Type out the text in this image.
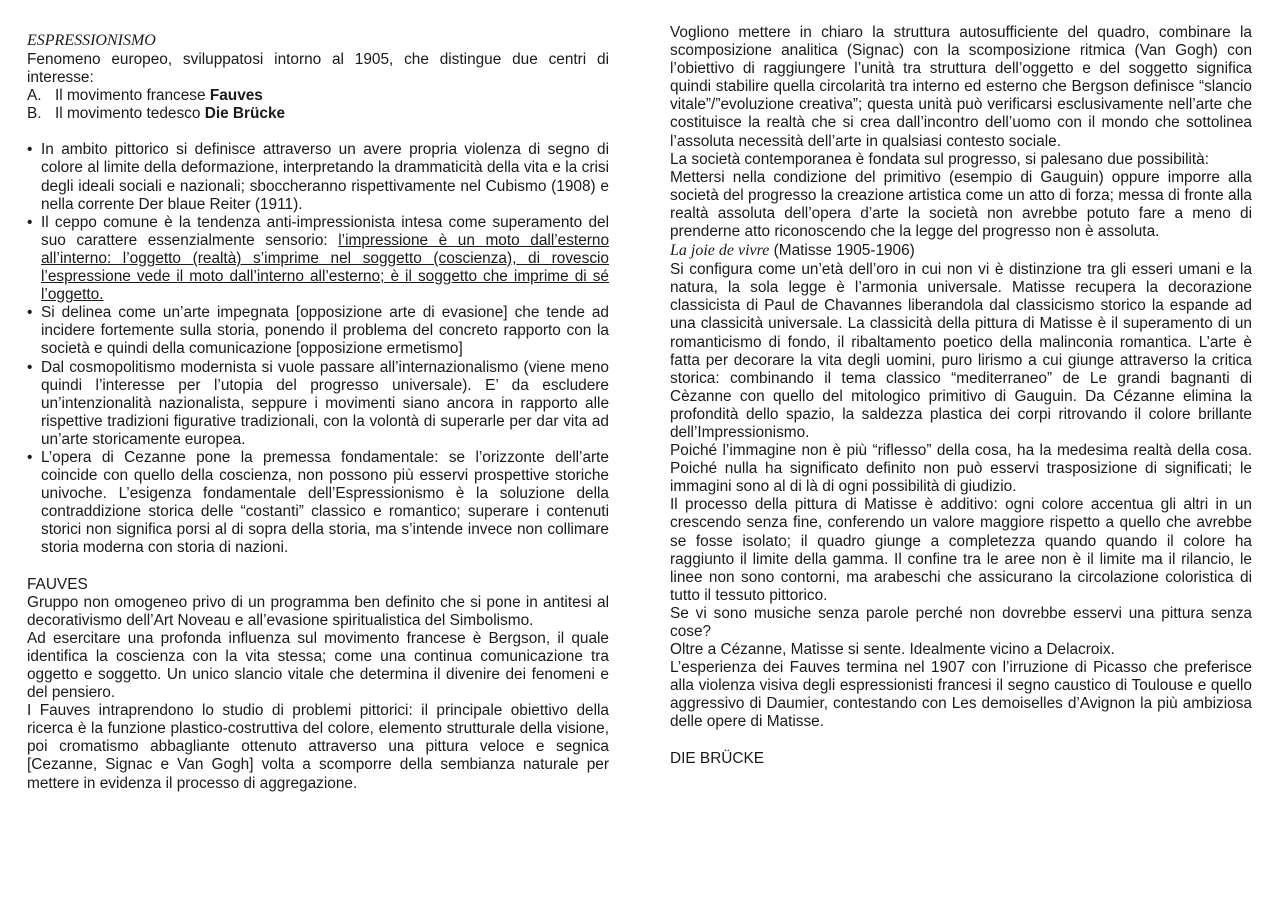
ESPRESSIONISMO

Fenomeno europeo, sviluppatosi intorno al 1905, che distingue due centri di interesse:

A. Il movimento francese Fauves
B. Il movimento tedesco Die Brücke
• In ambito pittorico si definisce attraverso un avere propria violenza di segno di colore al limite della deformazione, interpretando la drammaticità della vita e la crisi degli ideali sociali e nazionali; sboccheranno rispettivamente nel Cubismo (1908) e nella corrente Der blaue Reiter (1911).
• Il ceppo comune è la tendenza anti-impressionista intesa come superamento del suo carattere essenzialmente sensorio: l’impressione è un moto dall’esterno all’interno: l’oggetto (realtà) s’imprime nel soggetto (coscienza), di rovescio l’espressione vede il moto dall’interno all’esterno; è il soggetto che imprime di sé l’oggetto.
• Si delinea come un’arte impegnata [opposizione arte di evasione] che tende ad incidere fortemente sulla storia, ponendo il problema del concreto rapporto con la società e quindi della comunicazione [opposizione ermetismo]
• Dal cosmopolitismo modernista si vuole passare all’internazionalismo (viene meno quindi l’interesse per l’utopia del progresso universale). E’ da escludere un’intenzionalità nazionalista, seppure i movimenti siano ancora in rapporto alle rispettive tradizioni figurative tradizionali, con la volontà di superarle per dar vita ad un’arte storicamente europea.
• L’opera di Cezanne pone la premessa fondamentale: se l’orizzonte dell’arte coincide con quello della coscienza, non possono più esservi prospettive storiche univoche. L’esigenza fondamentale dell’Espressionismo è la soluzione della contraddizione storica delle “costanti” classico e romantico; superare i contenuti storici non significa porsi al di sopra della storia, ma s’intende invece non collimare storia moderna con storia di nazioni.

FAUVES

Gruppo non omogeneo privo di un programma ben definito che si pone in antitesi al decorativismo dell’Art Noveau e all’evasione spiritualistica del Simbolismo.

Ad esercitare una profonda influenza sul movimento francese è Bergson, il quale identifica la coscienza con la vita stessa; come una continua comunicazione tra oggetto e soggetto. Un unico slancio vitale che determina il divenire dei fenomeni e del pensiero.

I Fauves intraprendono lo studio di problemi pittorici: il principale obiettivo della ricerca è la funzione plastico-costruttiva del colore, elemento strutturale della visione, poi cromatismo abbagliante ottenuto attraverso una pittura veloce e segnica [Cezanne, Signac e Van Gogh] volta a scomporre della sembianza naturale per mettere in evidenza il processo di aggregazione.

Vogliono mettere in chiaro la struttura autosufficiente del quadro, combinare la scomposizione analitica (Signac) con la scomposizione ritmica (Van Gogh) con l’obiettivo di raggiungere l’unità tra struttura dell’oggetto e del soggetto significa quindi stabilire quella circolarità tra interno ed esterno che Bergson definisce “slancio vitale”/”evoluzione creativa”; questa unità può verificarsi esclusivamente nell’arte che costituisce la realtà che si crea dall’incontro dell’uomo con il mondo che sottolinea l’assoluta necessità dell’arte in qualsiasi contesto sociale.

La società contemporanea è fondata sul progresso, si palesano due possibilità:

Mettersi nella condizione del primitivo (esempio di Gauguin) oppure imporre alla società del progresso la creazione artistica come un atto di forza; messa di fronte alla realtà assoluta dell’opera d’arte la società non avrebbe potuto fare a meno di prenderne atto riconoscendo che la legge del progresso non è assoluta.

La joie de vivre (Matisse 1905-1906)

Si configura come un’età dell’oro in cui non vi è distinzione tra gli esseri umani e la natura, la sola legge è l’armonia universale. Matisse recupera la decorazione classicista di Paul de Chavannes liberandola dal classicismo storico la espande ad una classicità universale. La classicità della pittura di Matisse è il superamento di un romanticismo di fondo, il ribaltamento poetico della malinconia romantica. L’arte è fatta per decorare la vita degli uomini, puro lirismo a cui giunge attraverso la critica storica: combinando il tema classico “mediterraneo” de Le grandi bagnanti di Cèzanne con quello del mitologico primitivo di Gauguin. Da Cézanne elimina la profondità dello spazio, la saldezza plastica dei corpi ritrovando il colore brillante dell’Impressionismo.

Poiché l’immagine non è più “riflesso” della cosa, ha la medesima realtà della cosa. Poiché nulla ha significato definito non può esservi trasposizione di significati; le immagini sono al di là di ogni possibilità di giudizio.

Il processo della pittura di Matisse è additivo: ogni colore accentua gli altri in un crescendo senza fine, conferendo un valore maggiore rispetto a quello che avrebbe se fosse isolato; il quadro giunge a completezza quando quando il colore ha raggiunto il limite della gamma. Il confine tra le aree non è il limite ma il rilancio, le linee non sono contorni, ma arabeschi che assicurano la circolazione coloristica di tutto il tessuto pittorico.

Se vi sono musiche senza parole perché non dovrebbe esservi una pittura senza cose?

Oltre a Cézanne, Matisse si sente. Idealmente vicino a Delacroix.

L’esperienza dei Fauves termina nel 1907 con l’irruzione di Picasso che preferisce alla violenza visiva degli espressionisti francesi il segno caustico di Toulouse e quello aggressivo di Daumier, contestando con Les demoiselles d’Avignon la più ambiziosa delle opere di Matisse.

DIE BRÜCKE
